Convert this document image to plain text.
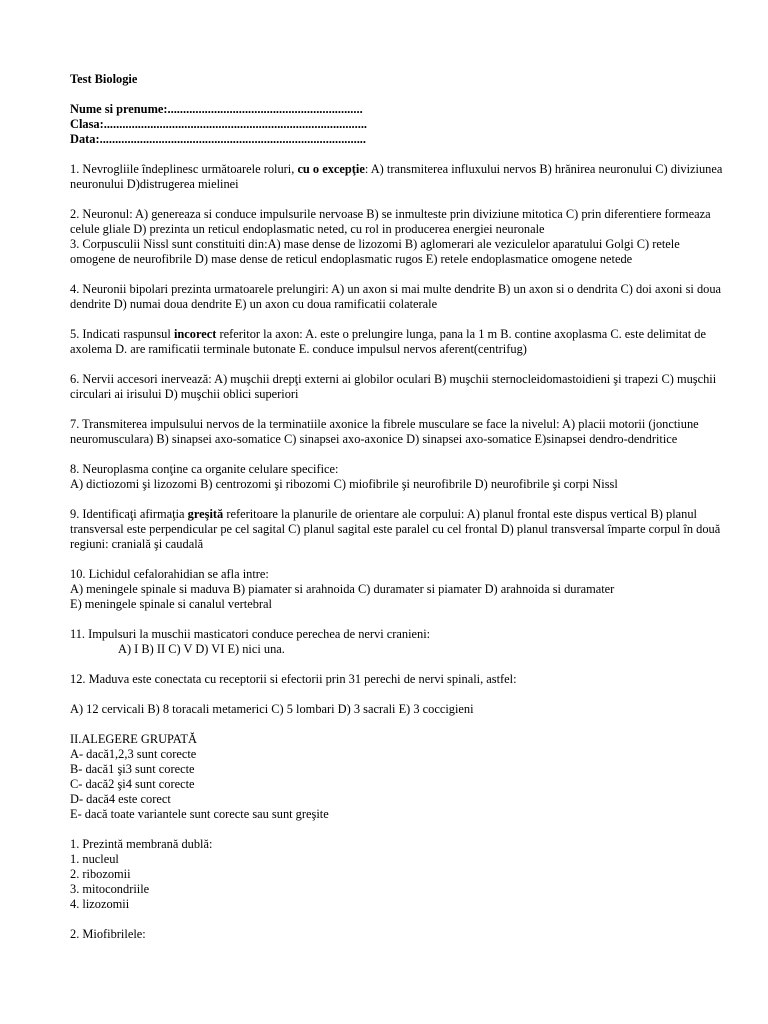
Test Biologie
Nume si prenume:...............................................................
Clasa:.....................................................................................
Data:......................................................................................
1. Nevrogliile îndeplinesc următoarele roluri, cu o excepţie: A) transmiterea influxului nervos B) hrănirea neuronului C) diviziunea neuronului D)distrugerea mielinei
2. Neuronul: A) genereaza si conduce impulsurile nervoase B) se inmulteste prin diviziune mitotica C) prin diferentiere formeaza celule gliale D) prezinta un reticul endoplasmatic neted, cu rol in producerea energiei neuronale
3. Corpusculii Nissl sunt constituiti din:A) mase dense de lizozomi B) aglomerari ale veziculelor aparatului Golgi C) retele omogene de neurofibrile D) mase dense de reticul endoplasmatic rugos E) retele endoplasmatice omogene netede
4. Neuronii bipolari prezinta urmatoarele prelungiri: A) un axon si mai multe dendrite B) un axon si o dendrita C) doi axoni si doua dendrite D) numai doua dendrite E) un axon cu doua ramificatii colaterale
5. Indicati raspunsul incorect referitor la axon: A. este o prelungire lunga, pana la 1 m B. contine axoplasma C. este delimitat de axolema D. are ramificatii terminale butonate E. conduce impulsul nervos aferent(centrifug)
6. Nervii accesori inervează: A) muşchii drepţi externi ai globilor oculari B) muşchii sternocleidomastoidieni şi trapezi C) muşchii circulari ai irisului D) muşchii oblici superiori
7. Transmiterea impulsului nervos de la terminatiile axonice la fibrele musculare se face la nivelul: A) placii motorii (jonctiune neuromusculara) B) sinapsei axo-somatice C) sinapsei axo-axonice D) sinapsei axo-somatice E)sinapsei dendro-dendritice
8. Neuroplasma conţine ca organite celulare specifice:
A) dictiozomi şi lizozomi B) centrozomi şi ribozomi C) miofibrile şi neurofibrile D) neurofibrile şi corpi Nissl
9. Identificaţi afirmaţia greşită referitoare la planurile de orientare ale corpului: A) planul frontal este dispus vertical B) planul transversal este perpendicular pe cel sagital C) planul sagital este paralel cu cel frontal D) planul transversal împarte corpul în două regiuni: cranială şi caudală
10. Lichidul cefalorahidian se afla intre:
A) meningele spinale si maduva B) piamater si arahnoida C) duramater si piamater D) arahnoida si duramater
E) meningele spinale si canalul vertebral
11. Impulsuri la muschii masticatori conduce perechea de nervi cranieni:
A) I B) II C) V D) VI E) nici una.
12. Maduva este conectata cu receptorii si efectorii prin 31 perechi de nervi spinali, astfel:
A) 12 cervicali B) 8 toracali metamerici C) 5 lombari D) 3 sacrali E) 3 coccigieni
II.ALEGERE GRUPATĂ
A- dacă1,2,3 sunt corecte
B- dacă1 şi3 sunt corecte
C- dacă2 şi4 sunt corecte
D- dacă4 este corect
E- dacă toate variantele sunt corecte sau sunt greşite
1. Prezintă membrană dublă:
1. nucleul
2. ribozomii
3. mitocondriile
4. lizozomii
2. Miofibrilele:
